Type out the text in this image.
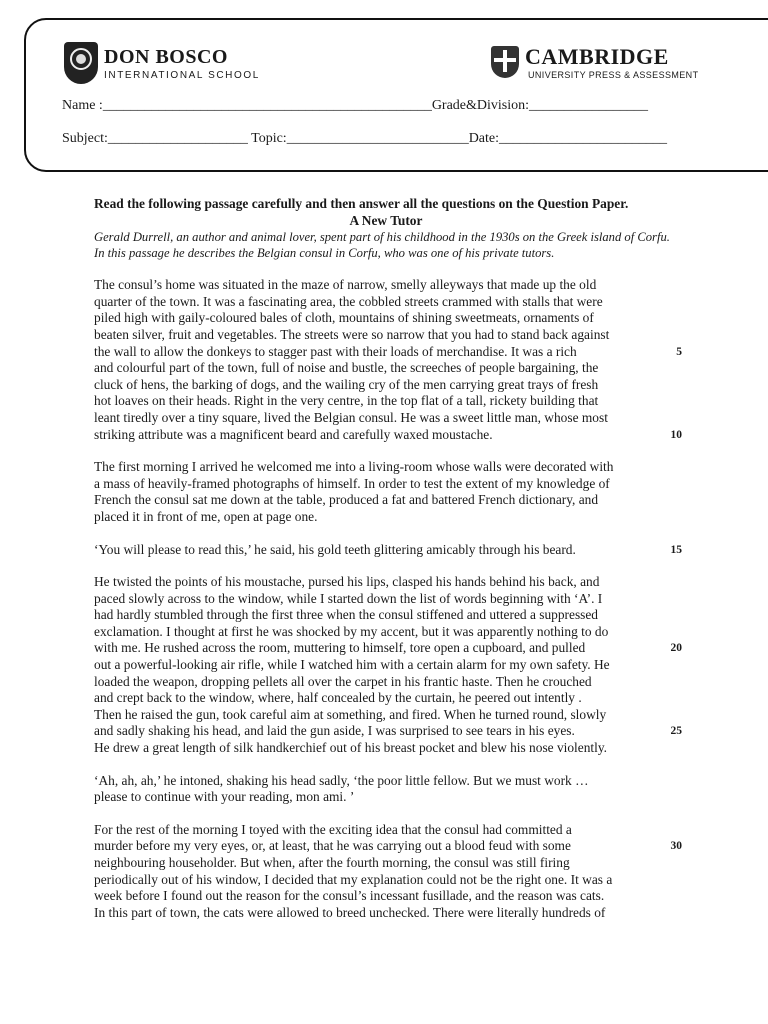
DON BOSCO
INTERNATIONAL SCHOOL
CAMBRIDGE
UNIVERSITY PRESS & ASSESSMENT
Name :_______________________________________________Grade&Division:_________________
Subject:____________________ Topic:__________________________Date:________________________

Read the following passage carefully and then answer all the questions on the Question Paper.

A New Tutor

Gerald Durrell, an author and animal lover, spent part of his childhood in the 1930s on the Greek island of Corfu. In this passage he describes the Belgian consul in Corfu, who was one of his private tutors.

The consul’s home was situated in the maze of narrow, smelly alleyways that made up the old
quarter of the town. It was a fascinating area, the cobbled streets crammed with stalls that were
piled high with gaily-coloured bales of cloth, mountains of shining sweetmeats, ornaments of
beaten silver, fruit and vegetables. The streets were so narrow that you had to stand back against
the wall to allow the donkeys to stagger past with their loads of merchandise. It was a rich	5
and colourful part of the town, full of noise and bustle, the screeches of people bargaining, the
cluck of hens, the barking of dogs, and the wailing cry of the men carrying great trays of fresh
hot loaves on their heads. Right in the very centre, in the top flat of a tall, rickety building that
leant tiredly over a tiny square, lived the Belgian consul. He was a sweet little man, whose most
striking attribute was a magnificent beard and carefully waxed moustache.	10
The first morning I arrived he welcomed me into a living-room whose walls were decorated with
a mass of heavily-framed photographs of himself. In order to test the extent of my knowledge of
French the consul sat me down at the table, produced a fat and battered French dictionary, and
placed it in front of me, open at page one.
‘You will please to read this,’ he said, his gold teeth glittering amicably through his beard.	15
He twisted the points of his moustache, pursed his lips, clasped his hands behind his back, and
paced slowly across to the window, while I started down the list of words beginning with ‘A’. I
had hardly stumbled through the first three when the consul stiffened and uttered a suppressed
exclamation. I thought at first he was shocked by my accent, but it was apparently nothing to do
with me. He rushed across the room, muttering to himself, tore open a cupboard, and pulled	20
out a powerful-looking air rifle, while I watched him with a certain alarm for my own safety. He
loaded the weapon, dropping pellets all over the carpet in his frantic haste. Then he crouched
and crept back to the window, where, half concealed by the curtain, he peered out intently .
Then he raised the gun, took careful aim at something, and fired. When he turned round, slowly
and sadly shaking his head, and laid the gun aside, I was surprised to see tears in his eyes.	25
He drew a great length of silk handkerchief out of his breast pocket and blew his nose violently.
‘Ah, ah, ah,’ he intoned, shaking his head sadly, ‘the poor little fellow. But we must work …
please to continue with your reading, mon ami. ’
For the rest of the morning I toyed with the exciting idea that the consul had committed a
murder before my very eyes, or, at least, that he was carrying out a blood feud with some	30
neighbouring householder. But when, after the fourth morning, the consul was still firing
periodically out of his window, I decided that my explanation could not be the right one. It was a
week before I found out the reason for the consul’s incessant fusillade, and the reason was cats.
In this part of town, the cats were allowed to breed unchecked. There were literally hundreds of
